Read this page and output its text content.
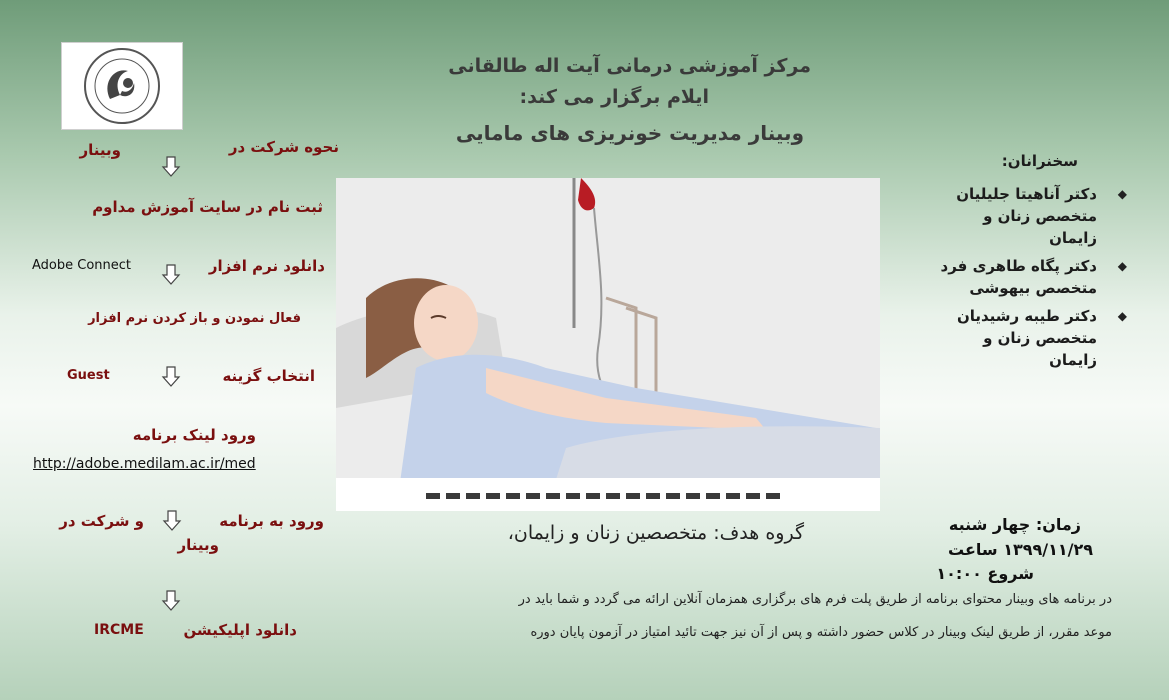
مرکز آموزشی درمانی آیت اله طالقانی
ایلام برگزار می کند:
وبینار مدیریت خونریزی های مامایی
نحوه شرکت در
وبینار
ثبت نام در سایت آموزش مداوم
دانلود نرم افزار
Adobe Connect
فعال نمودن و باز کردن نرم افزار
انتخاب گزینه
Guest
ورود لینک برنامه
http://adobe.medilam.ac.ir/med
ورود به برنامه
و شرکت در
وبینار
دانلود اپلیکیشن
IRCME
سخنرانان:
◆
دکتر آناهیتا جلیلیان
متخصص زنان و
زایمان
◆
دکتر پگاه طاهری فرد
متخصص بیهوشی
◆
دکتر طیبه رشیدیان
متخصص زنان و
زایمان
گروه هدف: متخصصین زنان و زایمان،	زمان: چهار شنبه
۱۳۹۹/۱۱/۲۹ ساعت
شروع ۱۰:۰۰
در برنامه های وبینار محتوای برنامه از طریق پلت فرم های برگزاری همزمان آنلاین ارائه می گردد و شما باید در
موعد مقرر، از طریق لینک وبینار در کلاس حضور داشته و پس از آن نیز جهت تائید امتیاز در آزمون پایان دوره
